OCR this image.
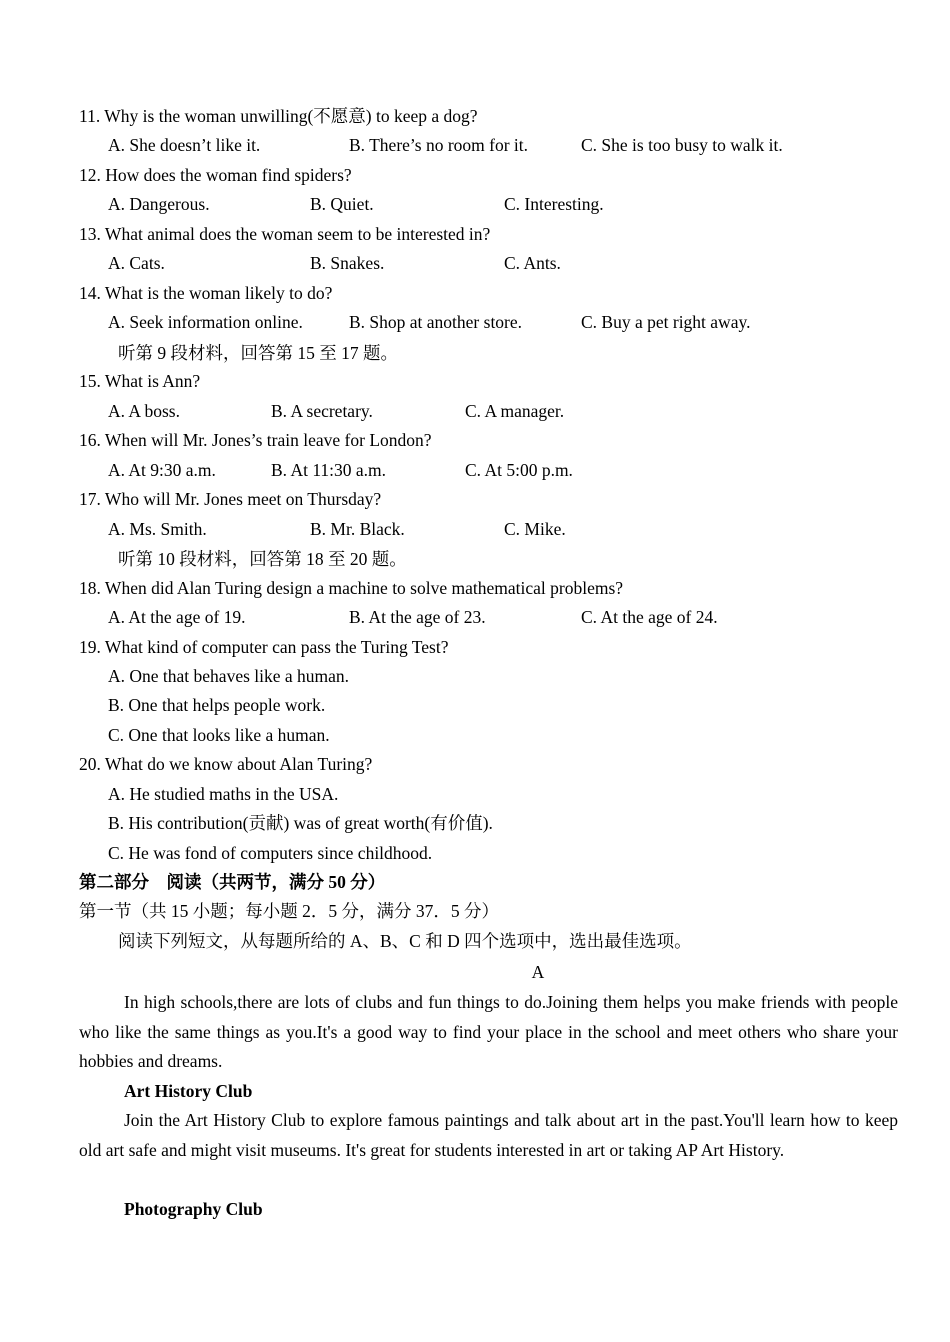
11. Why is the woman unwilling(不愿意) to keep a dog?

A. She doesn’t like it.

	B. There’s no room for it.

	C. She is too busy to walk it.

12. How does the woman find spiders?

A. Dangerous.

	B. Quiet.

	C. Interesting.

13. What animal does the woman seem to be interested in?

A. Cats.

	B. Snakes.

	C. Ants.

14. What is the woman likely to do?

A. Seek information online.

	B. Shop at another store.

	C. Buy a pet right away.

听第 9 段材料，回答第 15 至 17 题。
15. What is Ann?

A. A boss.

	B. A secretary.

	C. A manager.

16. When will Mr. Jones’s train leave for London?

A. At 9:30 a.m.

	B. At 11:30 a.m.

	C. At 5:00 p.m.

17. Who will Mr. Jones meet on Thursday?

A. Ms. Smith.

	B. Mr. Black.

	C. Mike.

听第 10 段材料，回答第 18 至 20 题。
18. When did Alan Turing design a machine to solve mathematical problems?

A. At the age of 19.

	B. At the age of 23.

	C. At the age of 24.

19. What kind of computer can pass the Turing Test?
A. One that behaves like a human.
B. One that helps people work.
C. One that looks like a human.
20. What do we know about Alan Turing?
A. He studied maths in the USA.
B. His contribution(贡献) was of great worth(有价值).
C. He was fond of computers since childhood.
第二部分　阅读（共两节，满分 50 分）
第一节（共 15 小题；每小题 2．5 分，满分 37．5 分）
阅读下列短文，从每题所给的 A、B、C 和 D 四个选项中，选出最佳选项。
A
In high schools,there are lots of clubs and fun things to do.Joining them helps you make friends with people who like the same things as you.It's a good way to find your place in the school and meet others who share your hobbies and dreams.
Art History Club
Join the Art History Club to explore famous paintings and talk about art in the past.You'll learn how to keep old art safe and might visit museums. It's great for students interested in art or taking AP Art History.
Photography Club
